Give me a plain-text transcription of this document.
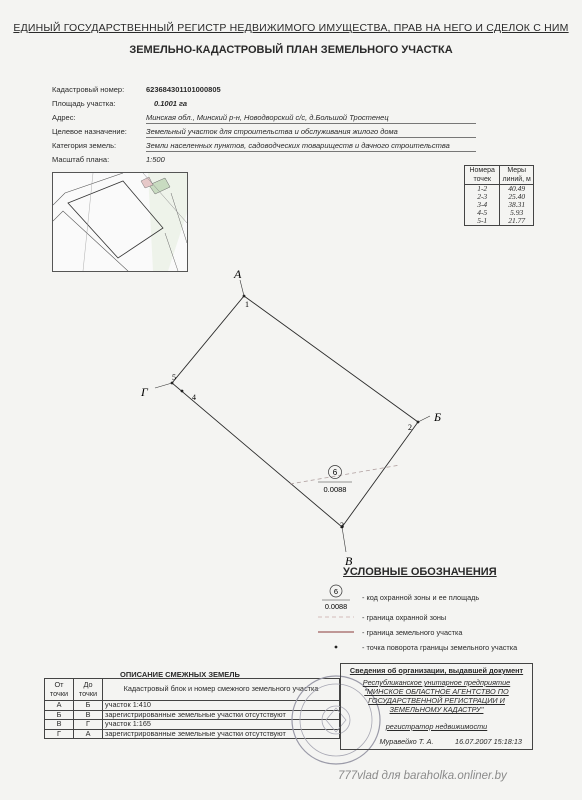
ЕДИНЫЙ ГОСУДАРСТВЕННЫЙ РЕГИСТР НЕДВИЖИМОГО ИМУЩЕСТВА, ПРАВ НА НЕГО И СДЕЛОК С НИМ
ЗЕМЕЛЬНО-КАДАСТРОВЫЙ ПЛАН ЗЕМЕЛЬНОГО УЧАСТКА
Кадастровый номер:	623684301101000805
Площадь участка:	0.1001 га
Адрес:	Минская обл., Минский р-н, Новодворский с/с, д.Большой Тростенец
Целевое назначение:	Земельный участок для строительства и обслуживания жилого дома
Категория земель:	Земли населенных пунктов, садоводческих товариществ и дачного строительства
Масштаб плана:	1:500
Номера точек	Меры линий, м
1-2	40.49
2-3	25.40
3-4	38.31
4-5	5.93
5-1	21.77
А
Б
В
Г
1
2
3
4
5
6
0.0088
6
0.0088
УСЛОВНЫЕ ОБОЗНАЧЕНИЯ
- код охранной зоны и ее площадь
- граница охранной зоны
- граница земельного участка
- точка поворота границы земельного участка
ОПИСАНИЕ СМЕЖНЫХ ЗЕМЕЛЬ
От точки	До точки	Кадастровый блок и номер смежного земельного участка
А	Б	участок 1:410
Б	В	зарегистрированные земельные участки отсутствуют
В	Г	участок 1:165
Г	А	зарегистрированные земельные участки отсутствуют
Сведения об организации, выдавшей документ
Республиканское унитарное предприятие
"МИНСКОЕ ОБЛАСТНОЕ АГЕНТСТВО ПО
ГОСУДАРСТВЕННОЙ РЕГИСТРАЦИИ И
ЗЕМЕЛЬНОМУ КАДАСТРУ"
регистратор недвижимости
Муравейко Т. А.	16.07.2007 15:18:13
777vlad для baraholka.onliner.by
